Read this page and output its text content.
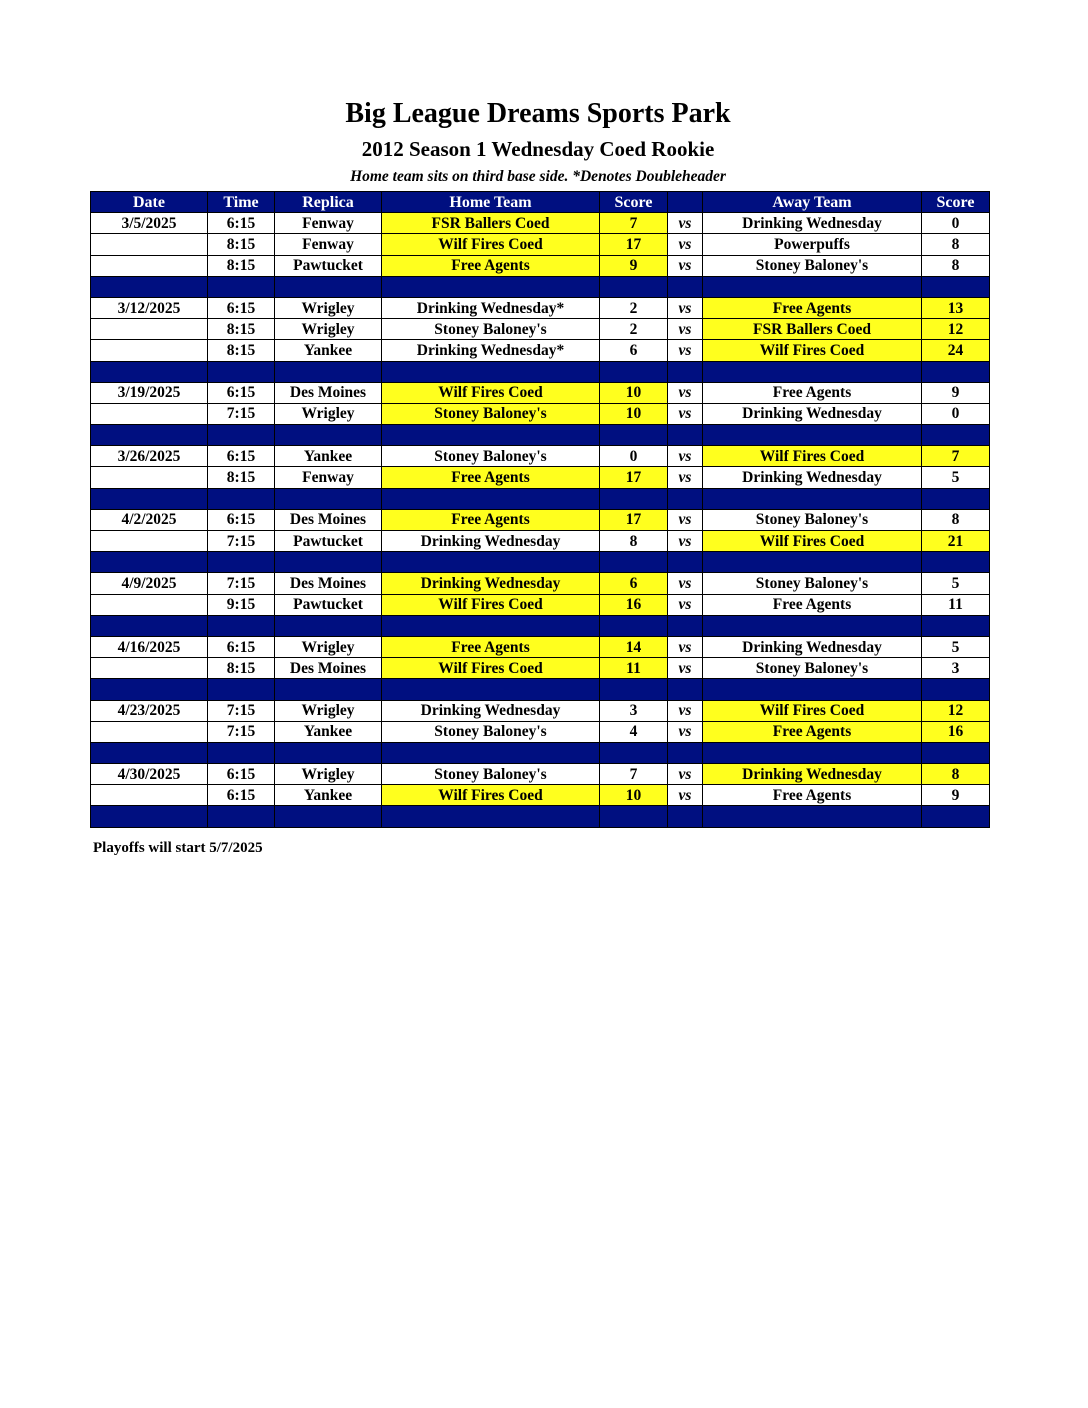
Big League Dreams Sports Park
2012 Season 1 Wednesday Coed Rookie
Home team sits on third base side. *Denotes Doubleheader
Date	Time	Replica	Home Team	Score		Away Team	Score
3/5/2025	6:15	Fenway	FSR Ballers Coed	7	vs	Drinking Wednesday	0
	8:15	Fenway	Wilf Fires Coed	17	vs	Powerpuffs	8
	8:15	Pawtucket	Free Agents	9	vs	Stoney Baloney's	8

3/12/2025	6:15	Wrigley	Drinking Wednesday*	2	vs	Free Agents	13
	8:15	Wrigley	Stoney Baloney's	2	vs	FSR Ballers Coed	12
	8:15	Yankee	Drinking Wednesday*	6	vs	Wilf Fires Coed	24

3/19/2025	6:15	Des Moines	Wilf Fires Coed	10	vs	Free Agents	9
	7:15	Wrigley	Stoney Baloney's	10	vs	Drinking Wednesday	0

3/26/2025	6:15	Yankee	Stoney Baloney's	0	vs	Wilf Fires Coed	7
	8:15	Fenway	Free Agents	17	vs	Drinking Wednesday	5

4/2/2025	6:15	Des Moines	Free Agents	17	vs	Stoney Baloney's	8
	7:15	Pawtucket	Drinking Wednesday	8	vs	Wilf Fires Coed	21

4/9/2025	7:15	Des Moines	Drinking Wednesday	6	vs	Stoney Baloney's	5
	9:15	Pawtucket	Wilf Fires Coed	16	vs	Free Agents	11

4/16/2025	6:15	Wrigley	Free Agents	14	vs	Drinking Wednesday	5
	8:15	Des Moines	Wilf Fires Coed	11	vs	Stoney Baloney's	3

4/23/2025	7:15	Wrigley	Drinking Wednesday	3	vs	Wilf Fires Coed	12
	7:15	Yankee	Stoney Baloney's	4	vs	Free Agents	16

4/30/2025	6:15	Wrigley	Stoney Baloney's	7	vs	Drinking Wednesday	8
	6:15	Yankee	Wilf Fires Coed	10	vs	Free Agents	9

Playoffs will start 5/7/2025
